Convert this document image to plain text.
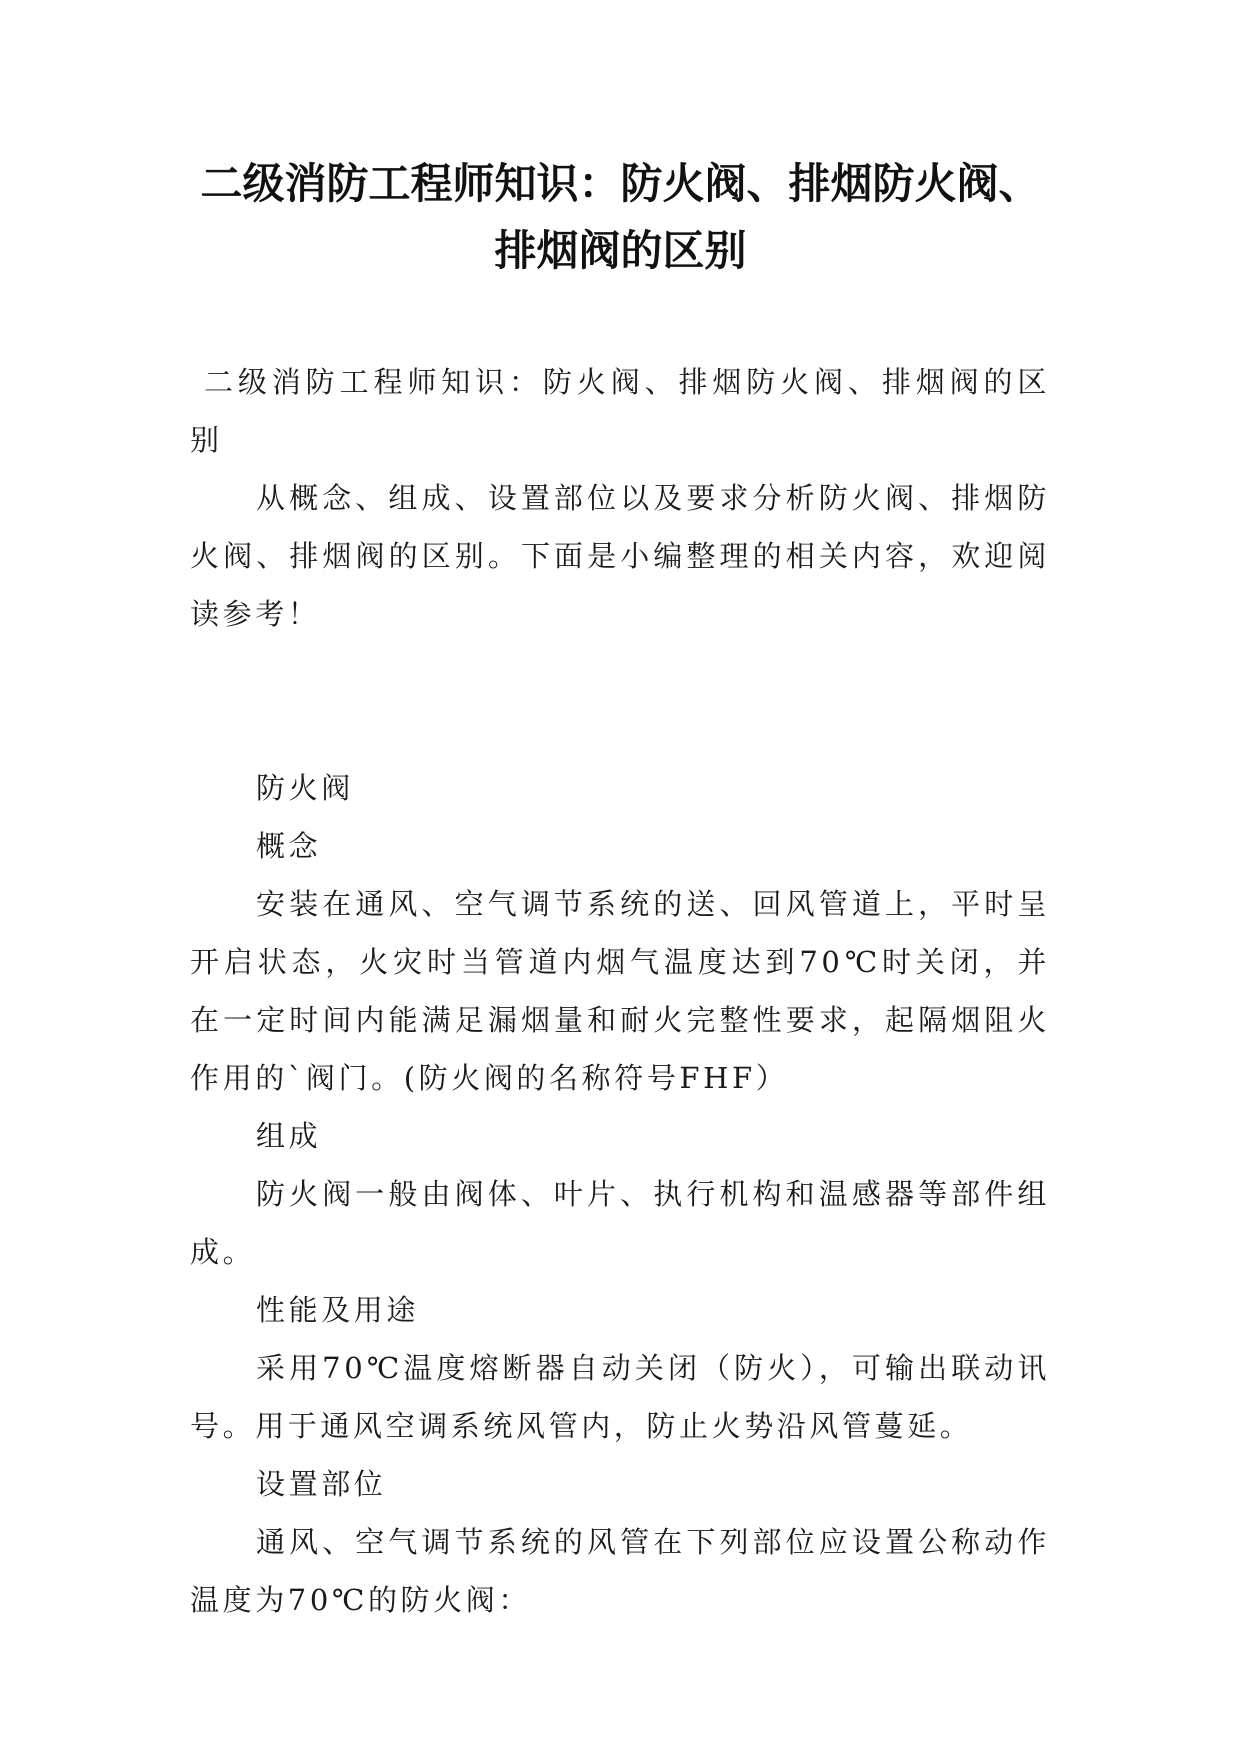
二级消防工程师知识：防火阀、排烟防火阀、
排烟阀的区别

二级消防工程师知识：防火阀、排烟防火阀、排烟阀的区别

从概念、组成、设置部位以及要求分析防火阀、排烟防火阀、排烟阀的区别。下面是小编整理的相关内容，欢迎阅读参考！

防火阀

概念

安装在通风、空气调节系统的送、回风管道上，平时呈开启状态，火灾时当管道内烟气温度达到70℃时关闭，并在一定时间内能满足漏烟量和耐火完整性要求，起隔烟阻火作用的`阀门。(防火阀的名称符号FHF）

组成

防火阀一般由阀体、叶片、执行机构和温感器等部件组成。

性能及用途

采用70℃温度熔断器自动关闭（防火），可输出联动讯号。用于通风空调系统风管内，防止火势沿风管蔓延。

设置部位

通风、空气调节系统的风管在下列部位应设置公称动作温度为70℃的防火阀：
